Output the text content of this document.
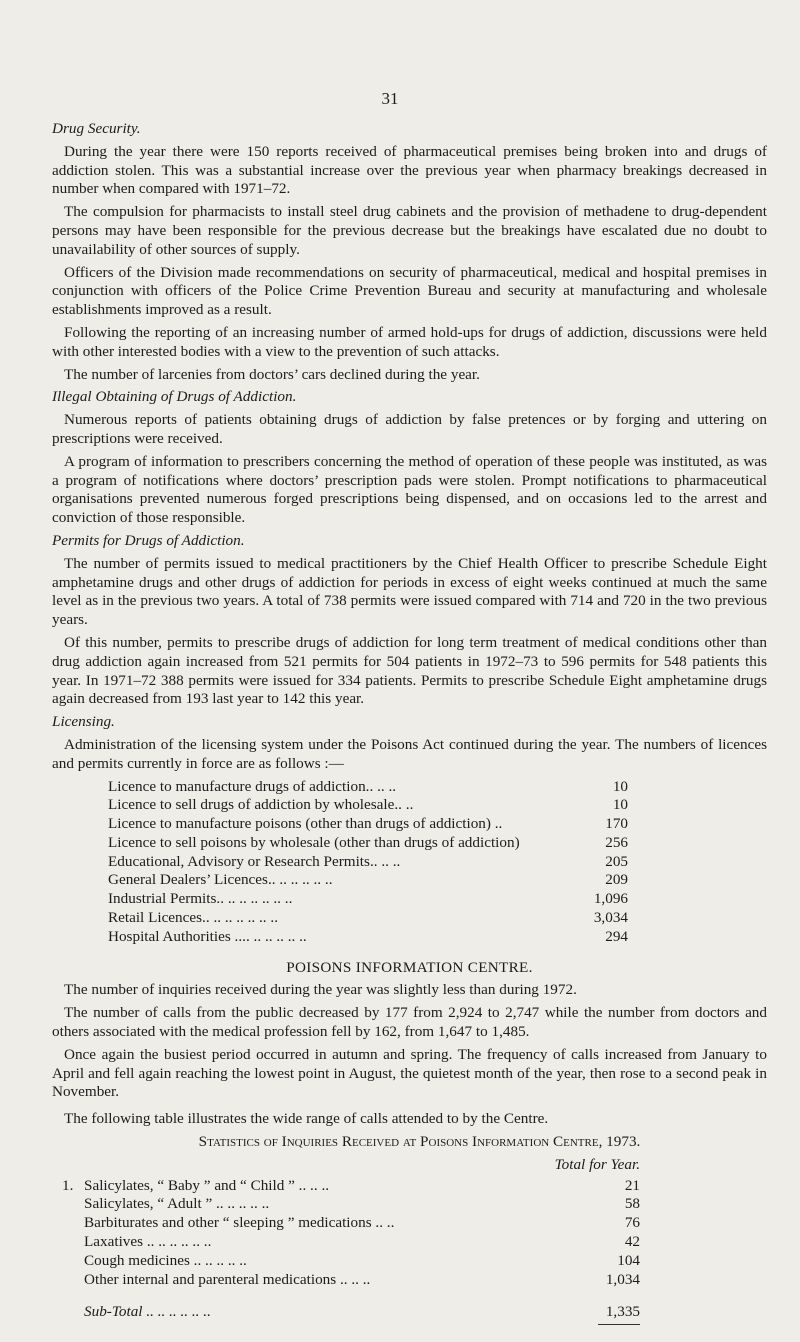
31
Drug Security.

During the year there were 150 reports received of pharmaceutical premises being broken into and drugs of addiction stolen. This was a substantial increase over the previous year when pharmacy breakings decreased in number when compared with 1971–72.

The compulsion for pharmacists to install steel drug cabinets and the provision of methadene to drug-dependent persons may have been responsible for the previous decrease but the breakings have escalated due no doubt to unavailability of other sources of supply.

Officers of the Division made recommendations on security of pharmaceutical, medical and hospital premises in conjunction with officers of the Police Crime Prevention Bureau and security at manufacturing and wholesale establishments improved as a result.

Following the reporting of an increasing number of armed hold-ups for drugs of addiction, discussions were held with other interested bodies with a view to the prevention of such attacks.

The number of larcenies from doctors’ cars declined during the year.

Illegal Obtaining of Drugs of Addiction.

Numerous reports of patients obtaining drugs of addiction by false pretences or by forging and uttering on prescriptions were received.

A program of information to prescribers concerning the method of operation of these people was instituted, as was a program of notifications where doctors’ prescription pads were stolen. Prompt notifications to pharmaceutical organisations prevented numerous forged prescriptions being dispensed, and on occasions led to the arrest and conviction of those responsible.

Permits for Drugs of Addiction.

The number of permits issued to medical practitioners by the Chief Health Officer to prescribe Schedule Eight amphetamine drugs and other drugs of addiction for periods in excess of eight weeks continued at much the same level as in the previous two years. A total of 738 permits were issued compared with 714 and 720 in the two previous years.

Of this number, permits to prescribe drugs of addiction for long term treatment of medical conditions other than drug addiction again increased from 521 permits for 504 patients in 1972–73 to 596 permits for 548 patients this year. In 1971–72 388 permits were issued for 334 patients. Permits to prescribe Schedule Eight amphetamine drugs again decreased from 193 last year to 142 this year.

Licensing.

Administration of the licensing system under the Poisons Act continued during the year. The numbers of licences and permits currently in force are as follows :—

Licence to manufacture drugs of addiction .. .. ..	10
Licence to sell drugs of addiction by wholesale .. ..	10
Licence to manufacture poisons (other than drugs of addiction) ..	170
Licence to sell poisons by wholesale (other than drugs of addiction)	256
Educational, Advisory or Research Permits .. .. ..	205
General Dealers’ Licences .. .. .. .. .. ..	209
Industrial Permits .. .. .. .. .. .. ..	1,096
Retail Licences .. .. .. .. .. .. ..	3,034
Hospital Authorities .. .. .. .. .. .. ..	294
POISONS INFORMATION CENTRE.

The number of inquiries received during the year was slightly less than during 1972.

The number of calls from the public decreased by 177 from 2,924 to 2,747 while the number from doctors and others associated with the medical profession fell by 162, from 1,647 to 1,485.

Once again the busiest period occurred in autumn and spring. The frequency of calls increased from January to April and fell again reaching the lowest point in August, the quietest month of the year, then rose to a second peak in November.

The following table illustrates the wide range of calls attended to by the Centre.

Statistics of Inquiries Received at Poisons Information Centre, 1973.
Total for Year.
1. Salicylates, “ Baby ” and “ Child ” .. .. ..	21
Salicylates, “ Adult ” .. .. .. .. ..	58
Barbiturates and other “ sleeping ” medications .. ..	76
Laxatives .. .. .. .. .. ..	42
Cough medicines .. .. .. .. ..	104
Other internal and parenteral medications .. .. ..	1,034
Sub-Total .. .. .. .. .. ..	1,335
